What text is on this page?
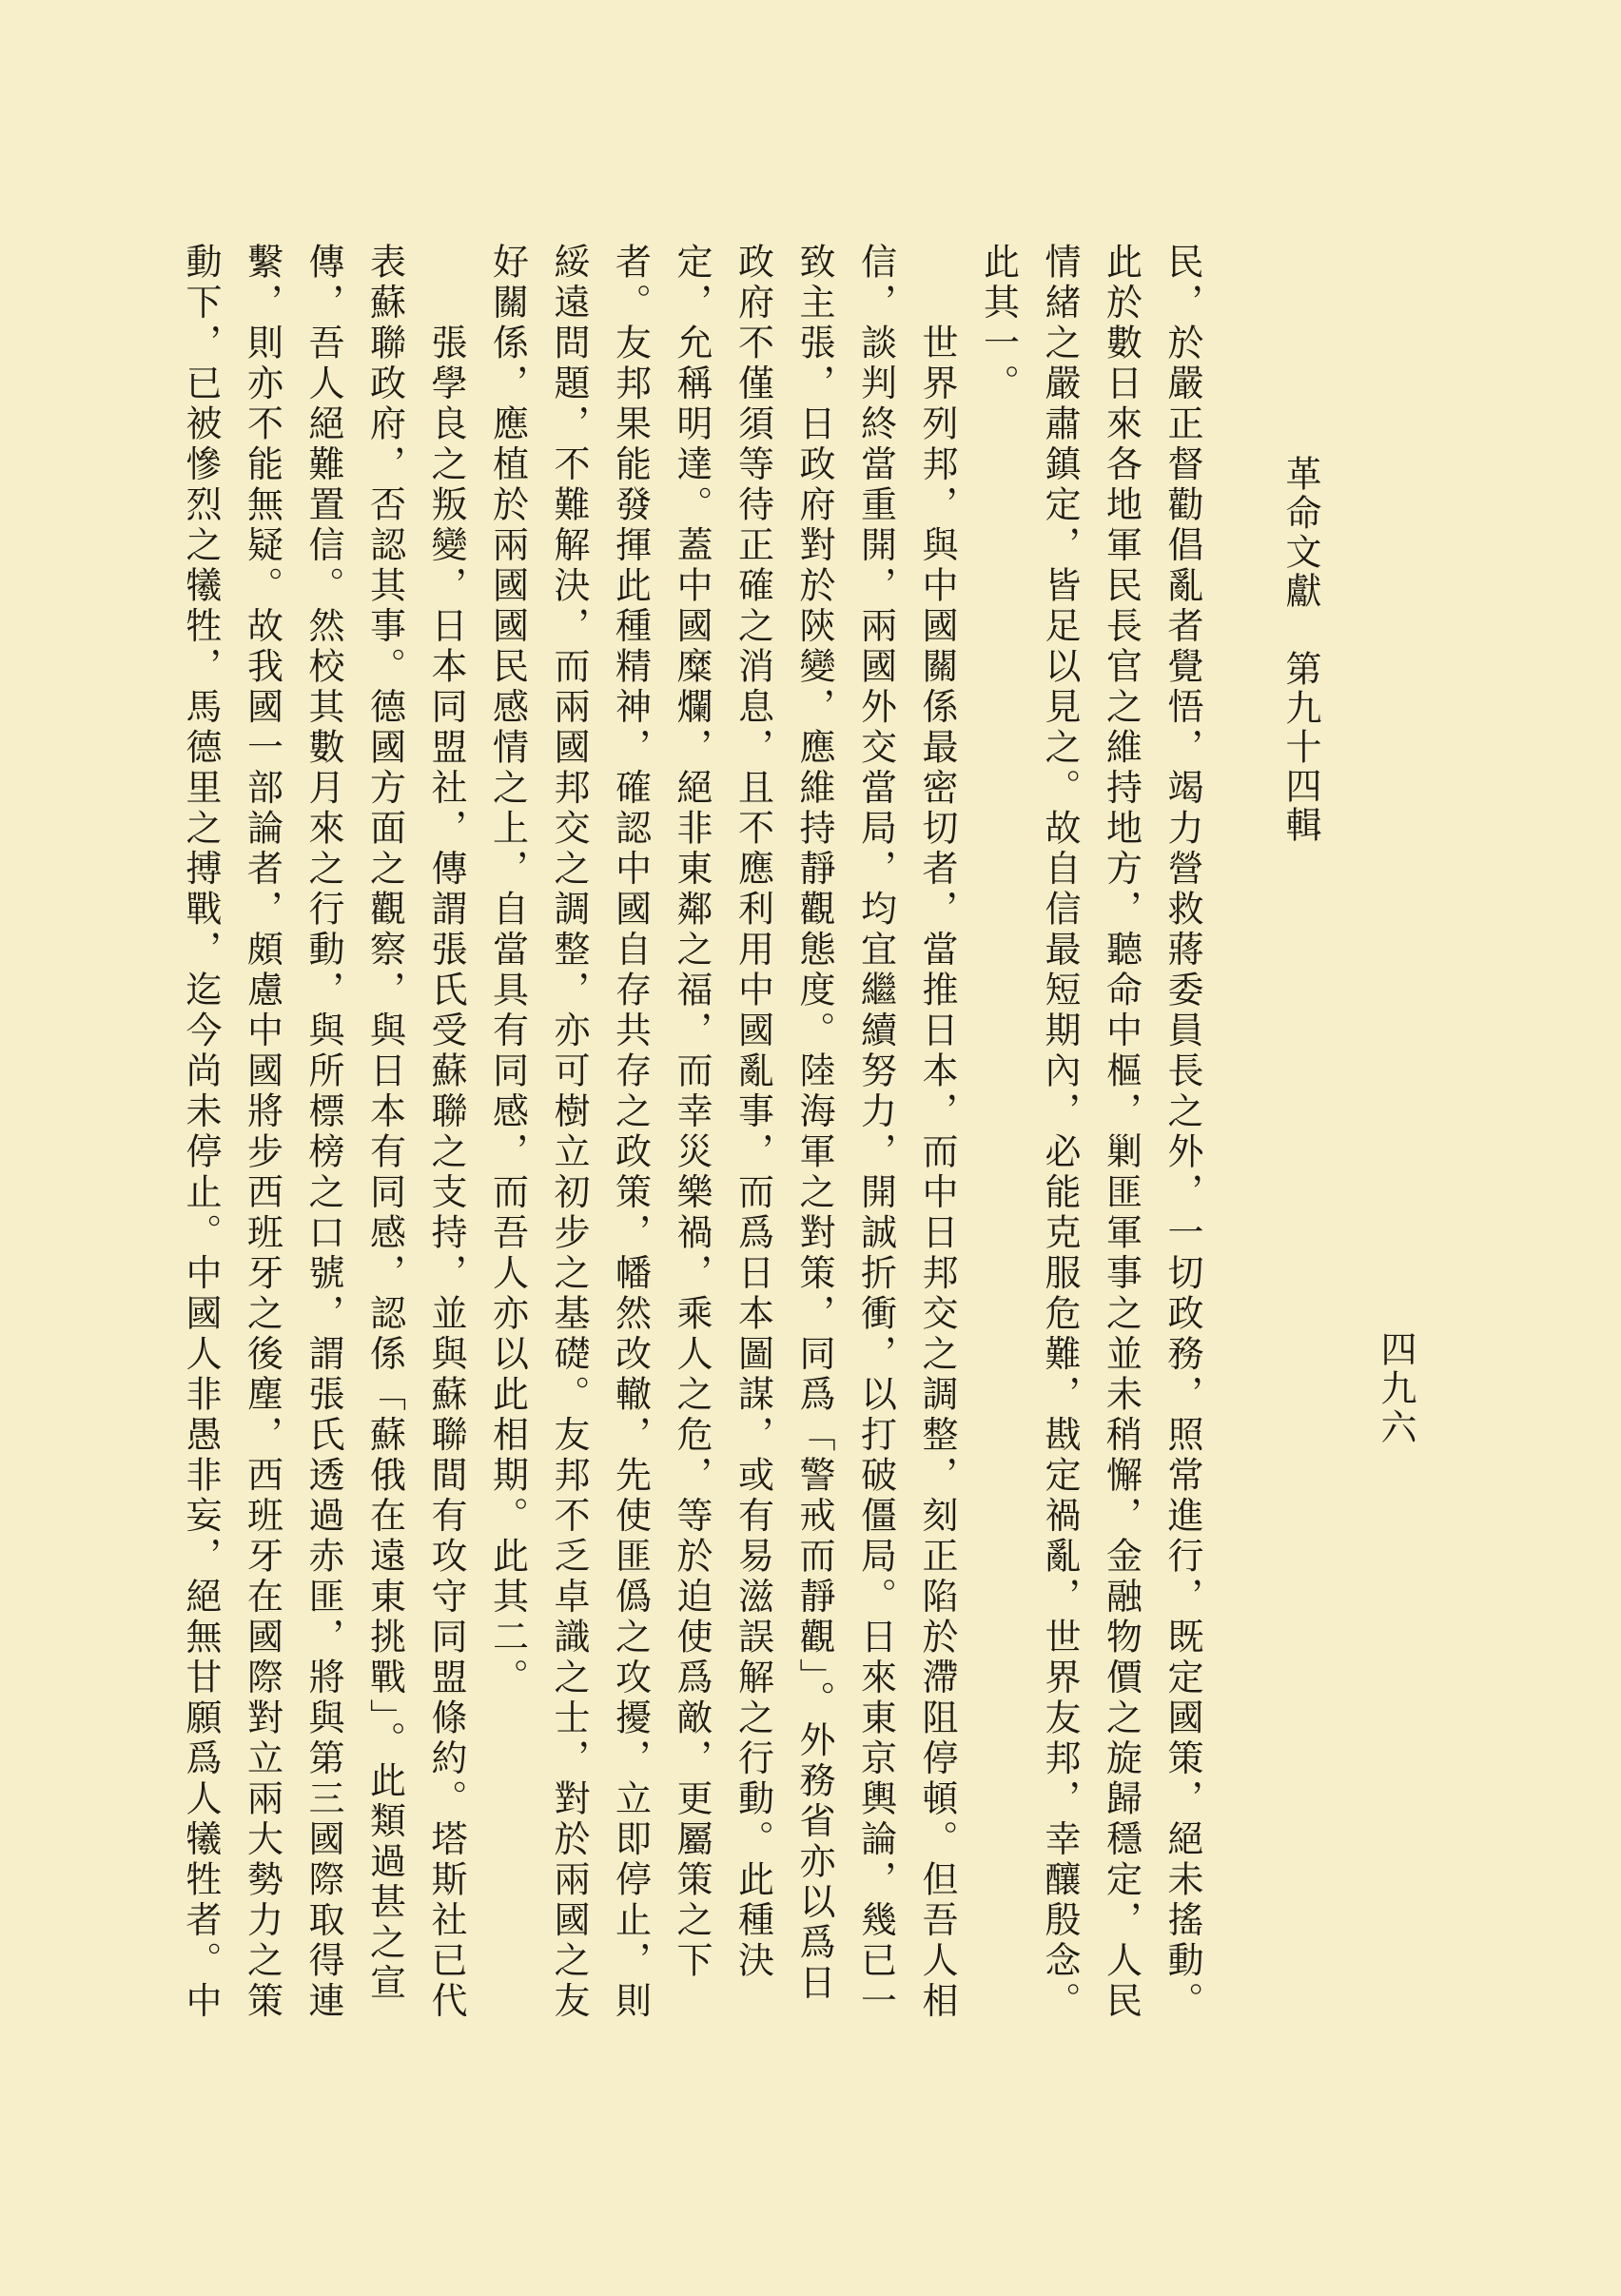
革命文獻　第九十四輯
四九六
民，於嚴正督勸倡亂者覺悟，竭力營救蔣委員長之外，一切政務，照常進行，既定國策，絕未搖動。
此於數日來各地軍民長官之維持地方，聽命中樞，剿匪軍事之並未稍懈，金融物價之旋歸穩定，人民
情緒之嚴肅鎮定，皆足以見之。故自信最短期內，必能克服危難，戡定禍亂，世界友邦，幸釀殷念。
此其一。
世界列邦，與中國關係最密切者，當推日本，而中日邦交之調整，刻正陷於滯阻停頓。但吾人相
信，談判終當重開，兩國外交當局，均宜繼續努力，開誠折衝，以打破僵局。日來東京輿論，幾已一
致主張，日政府對於陝變，應維持靜觀態度。陸海軍之對策，同爲「警戒而靜觀」。外務省亦以爲日
政府不僅須等待正確之消息，且不應利用中國亂事，而爲日本圖謀，或有易滋誤解之行動。此種決
定，允稱明達。蓋中國糜爛，絕非東鄰之福，而幸災樂禍，乘人之危，等於迫使爲敵，更屬策之下
者。友邦果能發揮此種精神，確認中國自存共存之政策，幡然改轍，先使匪僞之攻擾，立即停止，則
綏遠問題，不難解決，而兩國邦交之調整，亦可樹立初步之基礎。友邦不乏卓識之士，對於兩國之友
好關係，應植於兩國國民感情之上，自當具有同感，而吾人亦以此相期。此其二。
張學良之叛變，日本同盟社，傳謂張氏受蘇聯之支持，並與蘇聯間有攻守同盟條約。塔斯社已代
表蘇聯政府，否認其事。德國方面之觀察，與日本有同感，認係「蘇俄在遠東挑戰」。此類過甚之宣
傳，吾人絕難置信。然校其數月來之行動，與所標榜之口號，謂張氏透過赤匪，將與第三國際取得連
繫，則亦不能無疑。故我國一部論者，頗慮中國將步西班牙之後塵，西班牙在國際對立兩大勢力之策
動下，已被慘烈之犧牲，馬德里之搏戰，迄今尚未停止。中國人非愚非妄，絕無甘願爲人犧牲者。中
